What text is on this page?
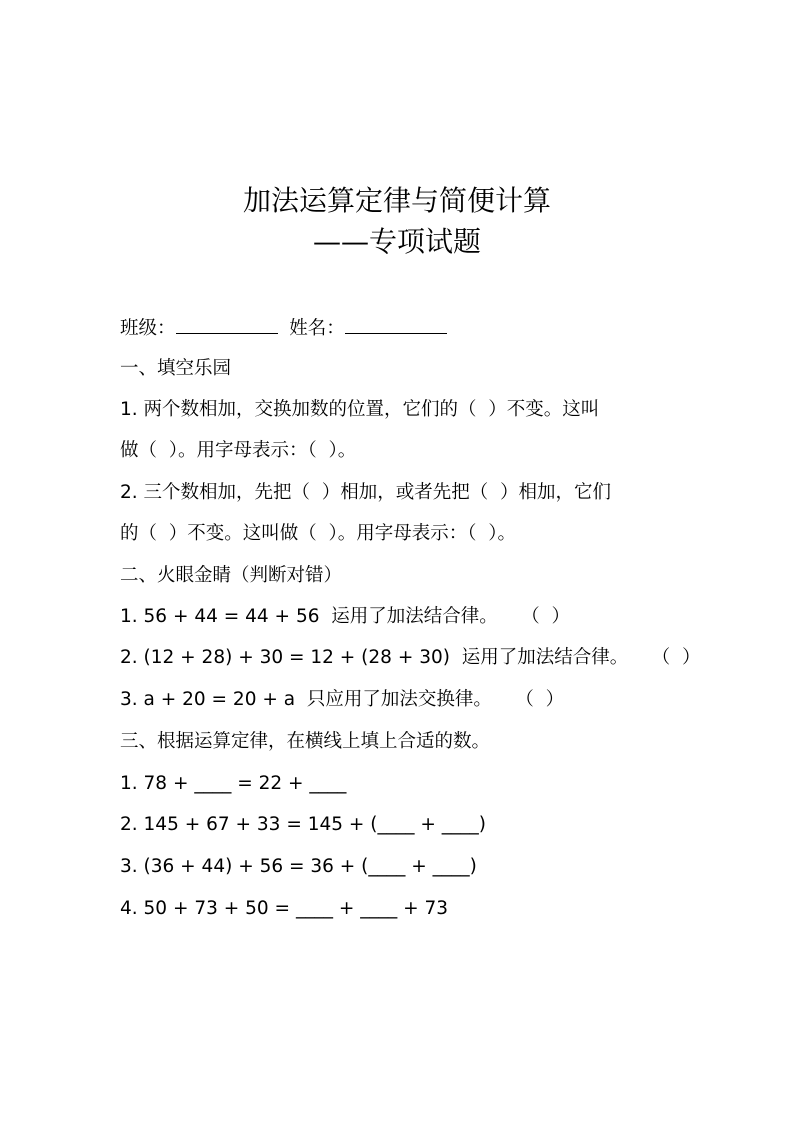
加法运算定律与简便计算
——专项试题
班级：	姓名：
一、填空乐园
1. 两个数相加，交换加数的位置，它们的（  ）不变。这叫
做（  ）。用字母表示：（  ）。
2. 三个数相加，先把（  ）相加，或者先把（  ）相加，它们
的（  ）不变。这叫做（  ）。用字母表示：（  ）。
二、火眼金睛（判断对错）
1. 56 + 44 = 44 + 56  运用了加法结合律。    （  ）
2. (12 + 28) + 30 = 12 + (28 + 30)  运用了加法结合律。    （  ）
3. a + 20 = 20 + a  只应用了加法交换律。    （  ）
三、根据运算定律，在横线上填上合适的数。
1. 78 + ____ = 22 + ____
2. 145 + 67 + 33 = 145 + (____ + ____)
3. (36 + 44) + 56 = 36 + (____ + ____)
4. 50 + 73 + 50 = ____ + ____ + 73
